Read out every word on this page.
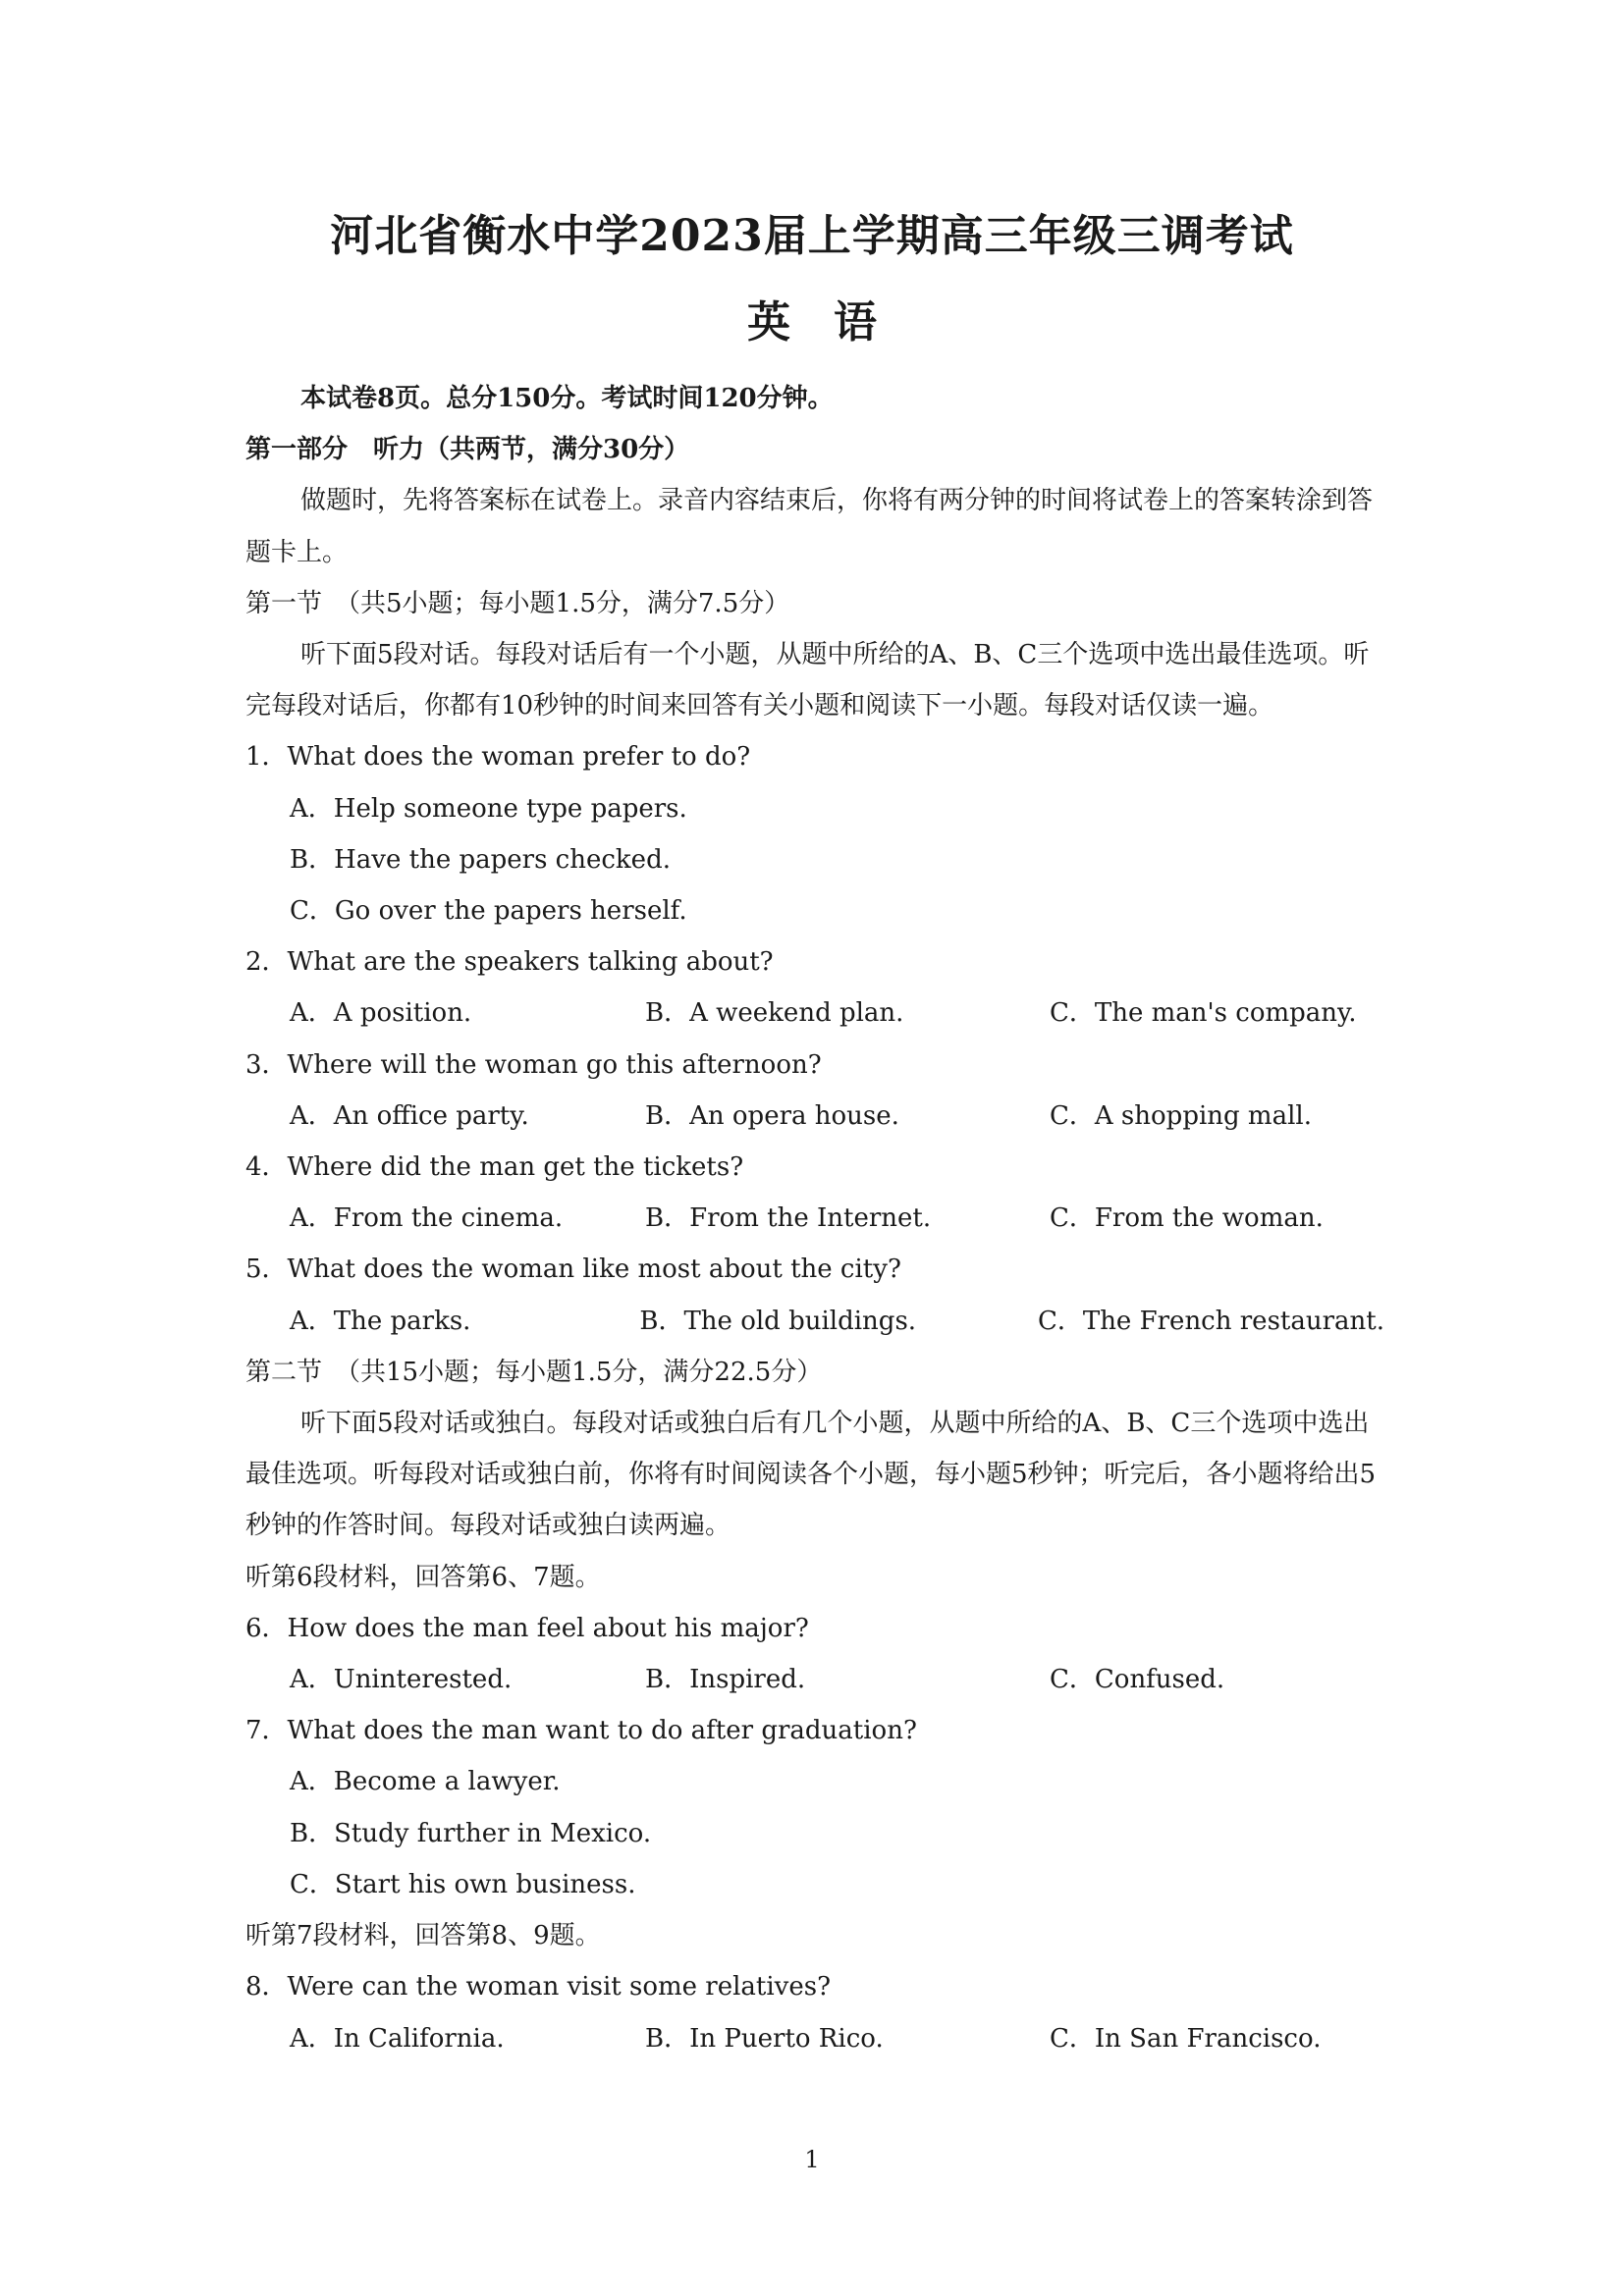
河北省衡水中学2023届上学期高三年级三调考试
英　语
本试卷8页。总分150分。考试时间120分钟。
第一部分　听力（共两节，满分30分）
做题时，先将答案标在试卷上。录音内容结束后，你将有两分钟的时间将试卷上的答案转涂到答题卡上。
第一节　（共5小题；每小题1.5分，满分7.5分）
听下面5段对话。每段对话后有一个小题，从题中所给的A、B、C三个选项中选出最佳选项。听完每段对话后，你都有10秒钟的时间来回答有关小题和阅读下一小题。每段对话仅读一遍。
1．What does the woman prefer to do?
A．Help someone type papers.
B．Have the papers checked.
C．Go over the papers herself.
2．What are the speakers talking about?
A．A position.	B．A weekend plan.	C．The man's company.
3．Where will the woman go this afternoon?
A．An office party.	B．An opera house.	C．A shopping mall.
4．Where did the man get the tickets?
A．From the cinema.	B．From the Internet.	C．From the woman.
5．What does the woman like most about the city?
A．The parks.	B．The old buildings.	C．The French restaurant.
第二节　（共15小题；每小题1.5分，满分22.5分）
听下面5段对话或独白。每段对话或独白后有几个小题，从题中所给的A、B、C三个选项中选出最佳选项。听每段对话或独白前，你将有时间阅读各个小题，每小题5秒钟；听完后，各小题将给出5秒钟的作答时间。每段对话或独白读两遍。
听第6段材料，回答第6、7题。
6．How does the man feel about his major?
A．Uninterested.	B．Inspired.	C．Confused.
7．What does the man want to do after graduation?
A．Become a lawyer.
B．Study further in Mexico.
C．Start his own business.
听第7段材料，回答第8、9题。
8．Were can the woman visit some relatives?
A．In California.	B．In Puerto Rico.	C．In San Francisco.
1
